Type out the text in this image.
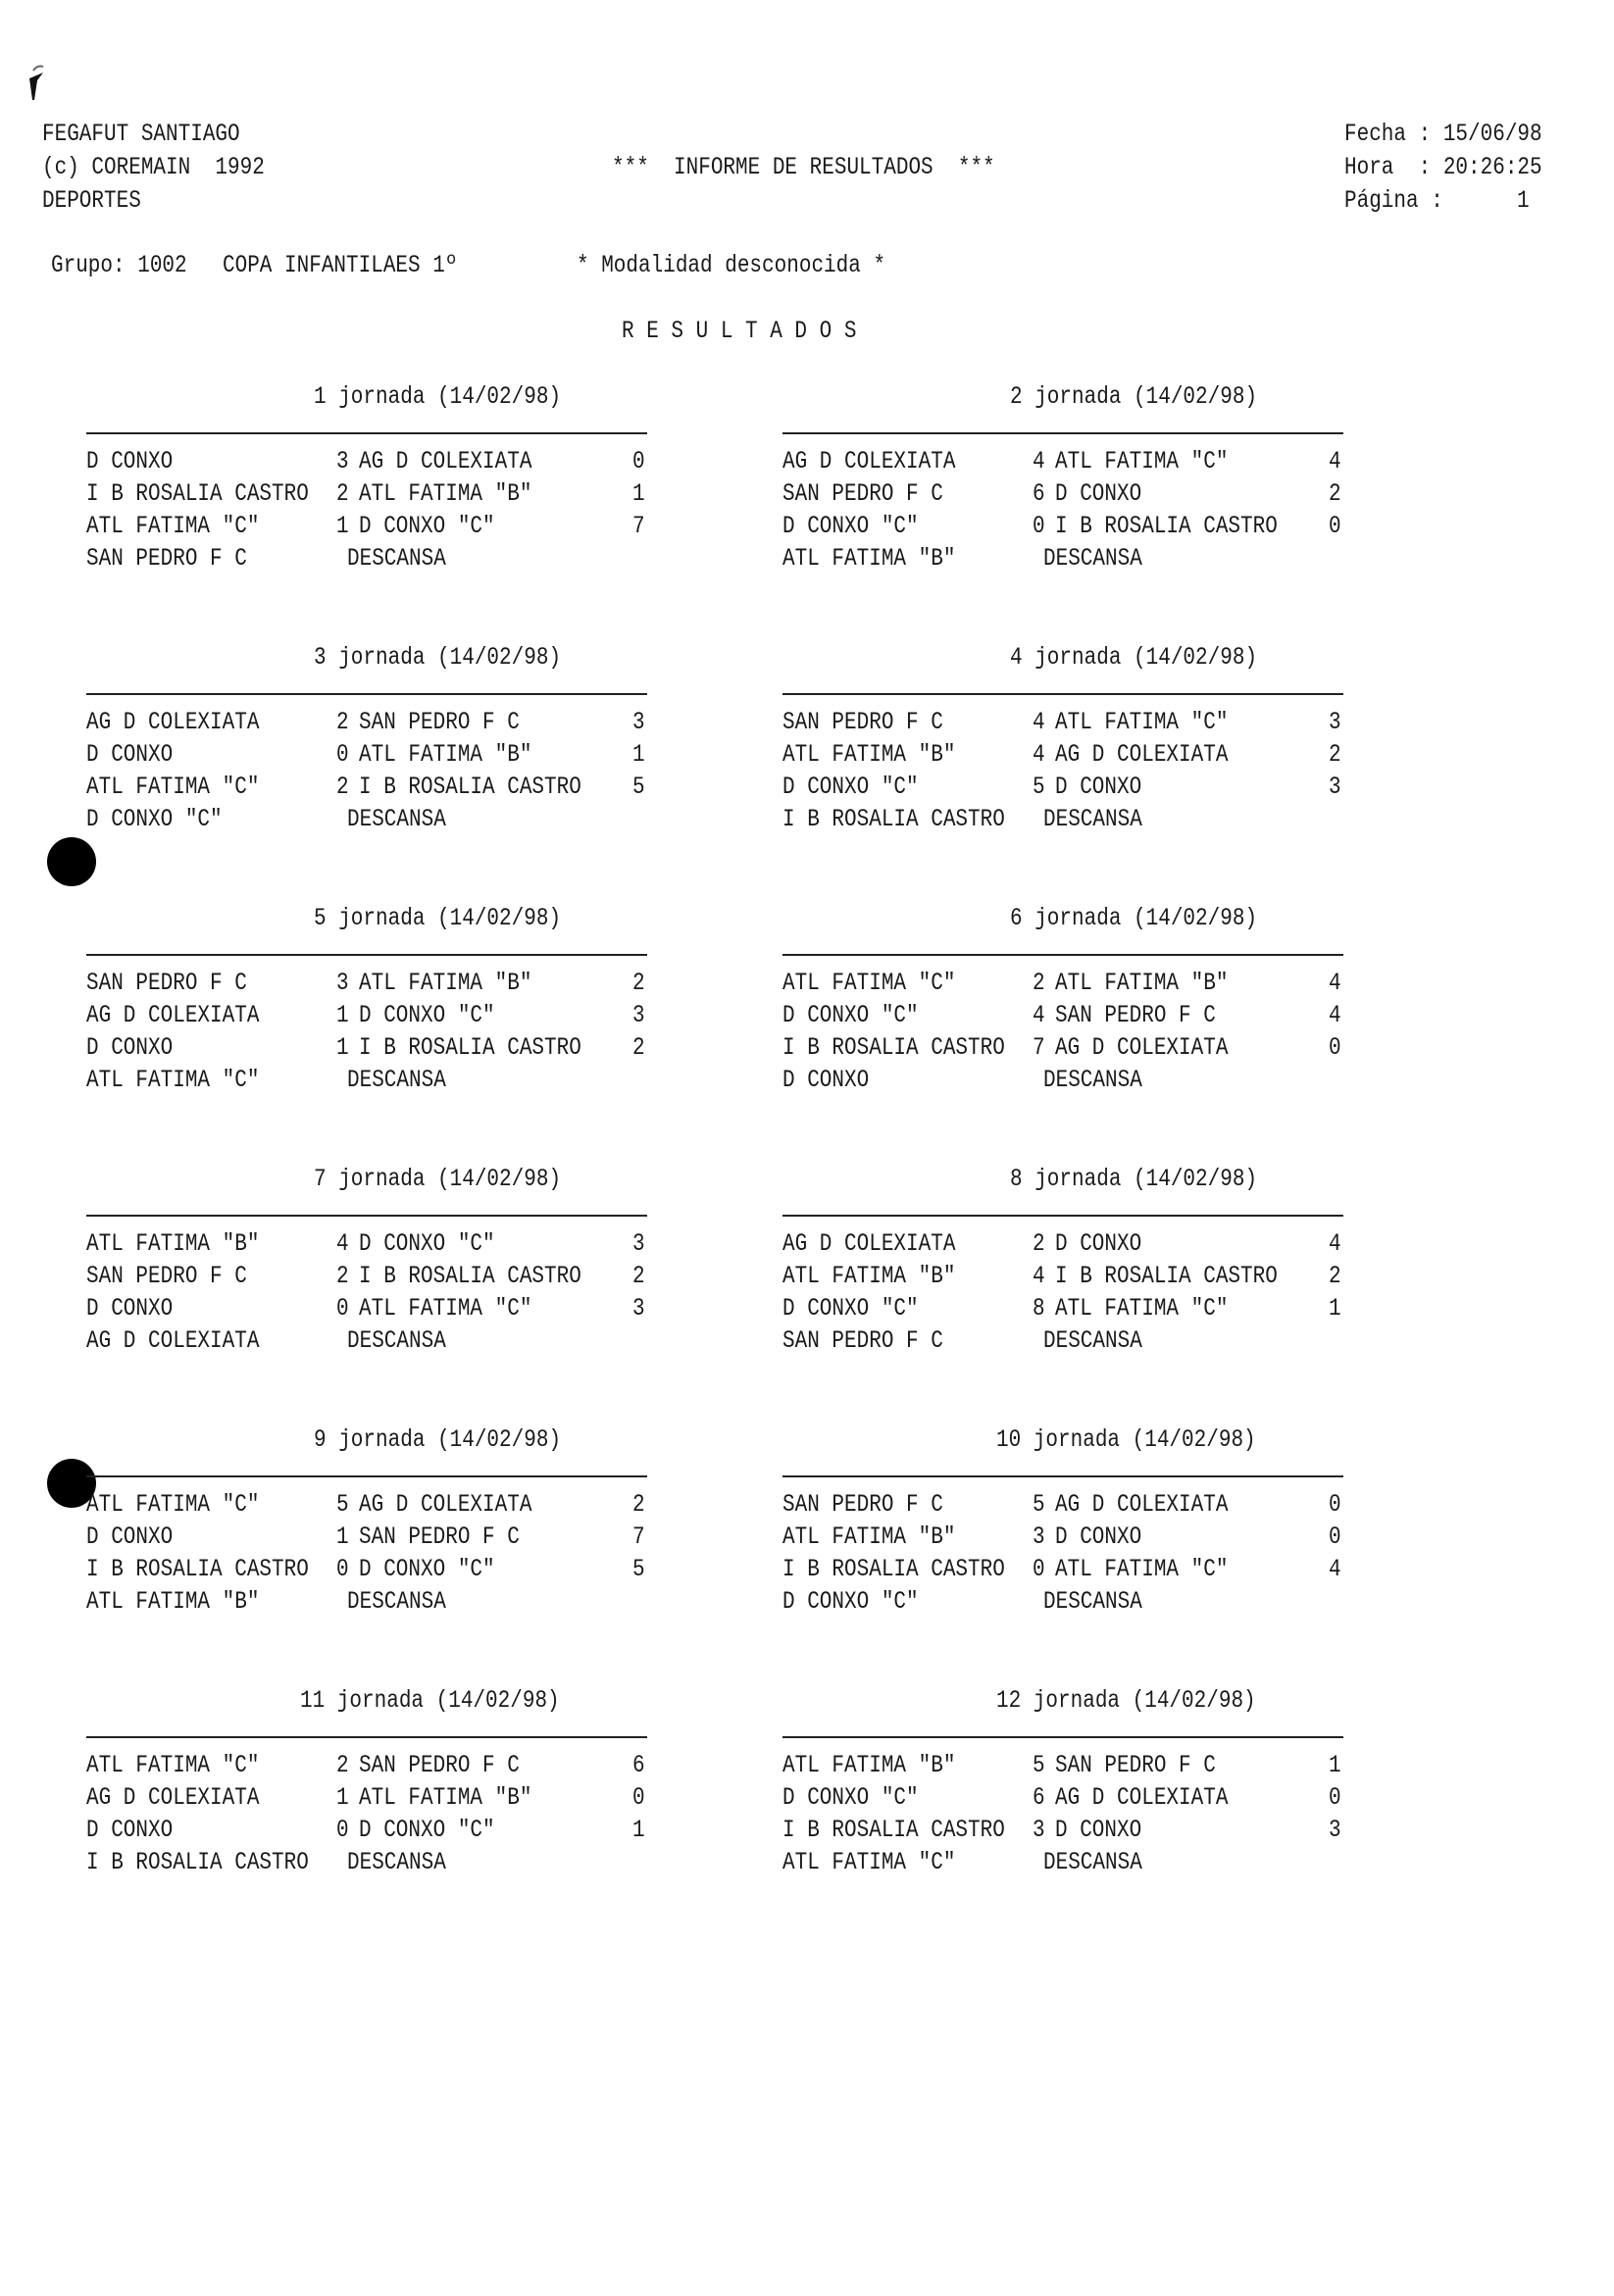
FEGAFUT SANTIAGO
(c) COREMAIN  1992
DEPORTES
***  INFORME DE RESULTADOS  ***
Fecha : 15/06/98
Hora  : 20:26:25
Página :	1
Grupo: 1002 COPA INFANTILAES 1º	* Modalidad desconocida *
R E S U L T A D O S
1 jornada (14/02/98)
D CONXO	3 AG D COLEXIATA	0
I B ROSALIA CASTRO 2 ATL FATIMA "B"	1
ATL FATIMA "C"	1 D CONXO "C"	7
SAN PEDRO F C	DESCANSA
2 jornada (14/02/98)
AG D COLEXIATA	4 ATL FATIMA "C"	4
SAN PEDRO F C	6 D CONXO	2
D CONXO "C"	0 I B ROSALIA CASTRO 0
ATL FATIMA "B"	DESCANSA
3 jornada (14/02/98)
AG D COLEXIATA	2 SAN PEDRO F C	3
D CONXO	0 ATL FATIMA "B"	1
ATL FATIMA "C"	2 I B ROSALIA CASTRO 5
D CONXO "C"	DESCANSA
4 jornada (14/02/98)
SAN PEDRO F C	4 ATL FATIMA "C"	3
ATL FATIMA "B"	4 AG D COLEXIATA	2
D CONXO "C"	5 D CONXO	3
I B ROSALIA CASTRO DESCANSA
5 jornada (14/02/98)
SAN PEDRO F C	3 ATL FATIMA "B"	2
AG D COLEXIATA	1 D CONXO "C"	3
D CONXO	1 I B ROSALIA CASTRO 2
ATL FATIMA "C"	DESCANSA
6 jornada (14/02/98)
ATL FATIMA "C"	2 ATL FATIMA "B"	4
D CONXO "C"	4 SAN PEDRO F C	4
I B ROSALIA CASTRO 7 AG D COLEXIATA	0
D CONXO	DESCANSA
7 jornada (14/02/98)
ATL FATIMA "B"	4 D CONXO "C"	3
SAN PEDRO F C	2 I B ROSALIA CASTRO 2
D CONXO	0 ATL FATIMA "C"	3
AG D COLEXIATA	DESCANSA
8 jornada (14/02/98)
AG D COLEXIATA	2 D CONXO	4
ATL FATIMA "B"	4 I B ROSALIA CASTRO 2
D CONXO "C"	8 ATL FATIMA "C"	1
SAN PEDRO F C	DESCANSA
9 jornada (14/02/98)
ATL FATIMA "C"	5 AG D COLEXIATA	2
D CONXO	1 SAN PEDRO F C	7
I B ROSALIA CASTRO 0 D CONXO "C"	5
ATL FATIMA "B"	DESCANSA
10 jornada (14/02/98)
SAN PEDRO F C	5 AG D COLEXIATA	0
ATL FATIMA "B"	3 D CONXO	0
I B ROSALIA CASTRO 0 ATL FATIMA "C"	4
D CONXO "C"	DESCANSA
11 jornada (14/02/98)
ATL FATIMA "C"	2 SAN PEDRO F C	6
AG D COLEXIATA	1 ATL FATIMA "B"	0
D CONXO	0 D CONXO "C"	1
I B ROSALIA CASTRO DESCANSA
12 jornada (14/02/98)
ATL FATIMA "B"	5 SAN PEDRO F C	1
D CONXO "C"	6 AG D COLEXIATA	0
I B ROSALIA CASTRO 3 D CONXO	3
ATL FATIMA "C"	DESCANSA
